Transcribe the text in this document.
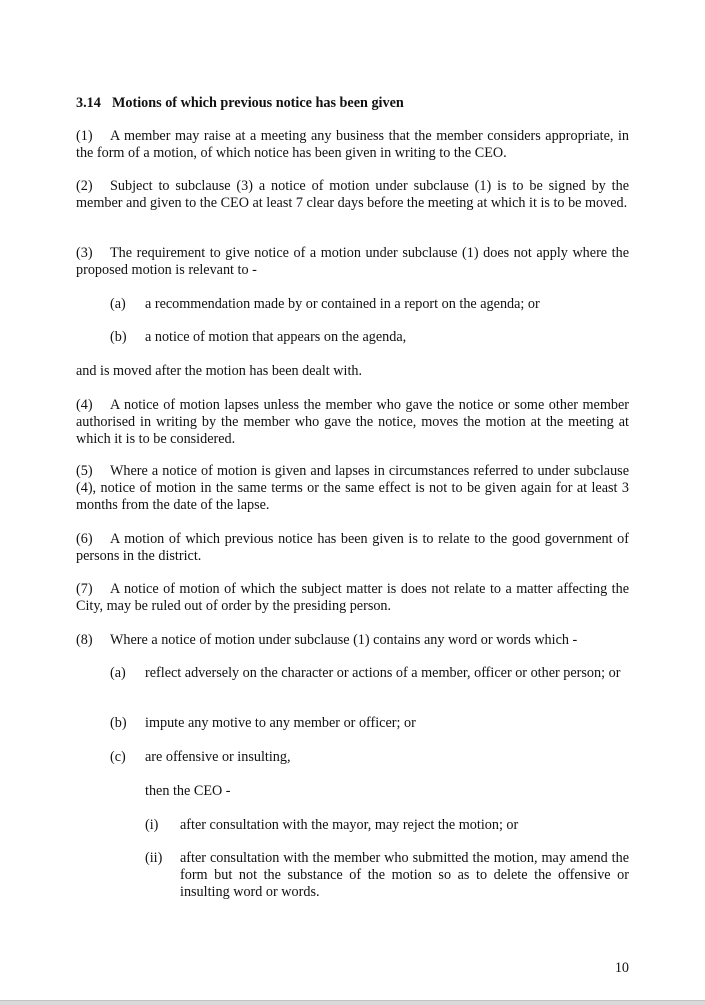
3.14 Motions of which previous notice has been given

(1) A member may raise at a meeting any business that the member considers appropriate, in the form of a motion, of which notice has been given in writing to the CEO.

(2) Subject to subclause (3) a notice of motion under subclause (1) is to be signed by the member and given to the CEO at least 7 clear days before the meeting at which it is to be moved.

(3) The requirement to give notice of a motion under subclause (1) does not apply where the proposed motion is relevant to -

(a) a recommendation made by or contained in a report on the agenda; or
(b) a notice of motion that appears on the agenda,

and is moved after the motion has been dealt with.

(4) A notice of motion lapses unless the member who gave the notice or some other member authorised in writing by the member who gave the notice, moves the motion at the meeting at which it is to be considered.

(5) Where a notice of motion is given and lapses in circumstances referred to under subclause (4), notice of motion in the same terms or the same effect is not to be given again for at least 3 months from the date of the lapse.

(6) A motion of which previous notice has been given is to relate to the good government of persons in the district.

(7) A notice of motion of which the subject matter is does not relate to a matter affecting the City, may be ruled out of order by the presiding person.

(8) Where a notice of motion under subclause (1) contains any word or words which -

(a) reflect adversely on the character or actions of a member, officer or other person; or
(b) impute any motive to any member or officer; or
(c) are offensive or insulting,
then the CEO -
(i) after consultation with the mayor, may reject the motion; or
(ii) after consultation with the member who submitted the motion, may amend the form but not the substance of the motion so as to delete the offensive or insulting word or words.
10
